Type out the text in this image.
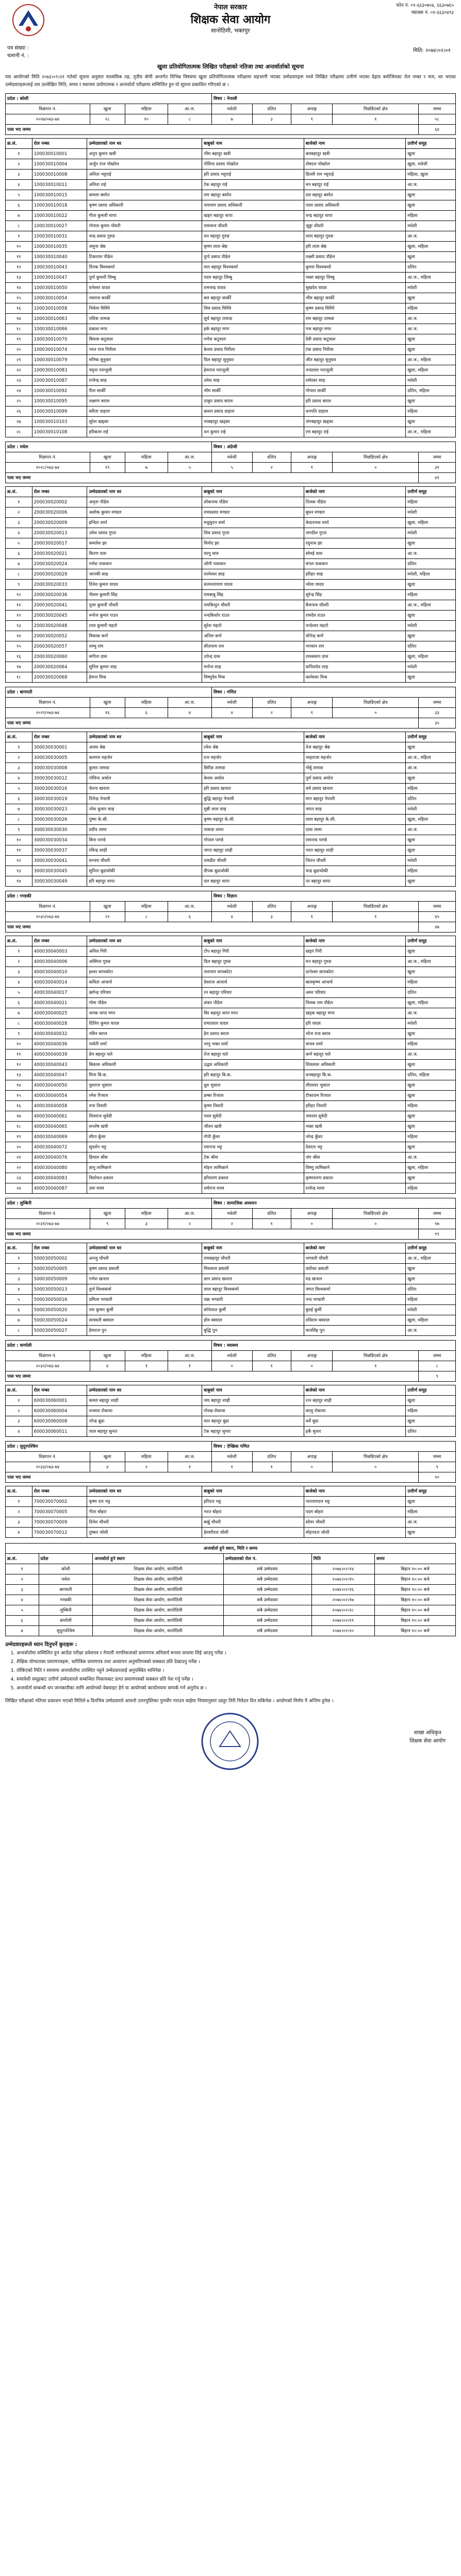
नेपाल सरकार
शिक्षक सेवा आयोग
सानोठिमी, भक्तपुर
फोन नं. ०१-६६३०७५४, ६६३०७६५
फ्याक्स नं. ०१-६६३०४९३
पत्र संख्या :
चलानी नं. :
मिति: २०७४।०२।०१
खुला प्रतियोगितात्मक लिखित परीक्षाको नतिजा तथा अन्तर्वार्ताको सूचना

यस आयोगको मिति २०७३।०९।२१ गतेको सूचना अनुसार माध्यमिक तह, तृतीय श्रेणी अन्तर्गत विभिन्न विषयमा खुला प्रतियोगितात्मक परीक्षामा सहभागी भएका उम्मेदवारहरू मध्ये लिखित परीक्षामा उत्तीर्ण भएका देहाय बमोजिमका रोल नम्बर र नाम, थर भएका उम्मेदवारहरूलाई तल उल्लेखित मिति, समय र स्थानमा प्रयोगात्मक र अन्तर्वार्ता परीक्षामा सम्मिलित हुन यो सूचना प्रकाशित गरिएको छ ।

प्रदेश : कोशी				विषय : नेपाली				
विज्ञापन नं.	खुला	महिला	आ.ज.	मधेशी	दलित	अपाङ्ग	पिछडिएको क्षेत्र	जम्मा
२०२७/०७३-७४	२८	१०	८	७	३	१	१	५८
पास भए जम्मा								६४
क्र.सं.	रोल नम्बर	उम्मेदवारको नाम थर	बाबुको नाम	बाजेको नाम	उत्तीर्ण समूह
१	100030010001	अनुप कुमार खत्री	भीम बहादुर खत्री	बलबहादुर खत्री	खुला
२	100030010004	अर्जुन राज पोखरेल	गोविन्द प्रसाद पोखरेल	शेषदत्त पोखरेल	खुला, मधेशी
३	100030010008	अनिता भट्टराई	हरि प्रसाद भट्टराई	डिल्ली राम भट्टराई	महिला, खुला
४	100030010011	अनिता राई	टेक बहादुर राई	मन बहादुर राई	आ.ज.
५	100030010015	कमला बस्नेत	राम बहादुर बस्नेत	दल बहादुर बस्नेत	खुला
६	100030010018	कृष्ण प्रसाद अधिकारी	नारायण प्रसाद अधिकारी	पदम प्रसाद अधिकारी	खुला
७	100030010022	गीता कुमारी थापा	खड्ग बहादुर थापा	चन्द्र बहादुर थापा	महिला
८	100030010027	गोपाल कुमार चौधरी	रामलाल चौधरी	जुठ्ठा चौधरी	मधेशी
९	100030010031	चन्द्र प्रसाद गुरुङ	धन बहादुर गुरुङ	लाल बहादुर गुरुङ	आ.ज.
१०	100030010035	जमुना श्रेष्ठ	कृष्ण लाल श्रेष्ठ	हरि लाल श्रेष्ठ	खुला, महिला
११	100030010040	टिकाराम पौडेल	दुर्गा प्रसाद पौडेल	लक्ष्मी प्रसाद पौडेल	खुला
१२	100030010043	दिपक विश्वकर्मा	मान बहादुर विश्वकर्मा	कुमार विश्वकर्मा	दलित
१३	100030010047	दुर्गा कुमारी लिम्बु	पदम बहादुर लिम्बु	भक्त बहादुर लिम्बु	आ.ज., महिला
१४	100030010050	धनेश्वर यादव	रामचन्द्र यादव	सुखदेव यादव	मधेशी
१५	100030010054	नवराज कार्की	बल बहादुर कार्की	भीम बहादुर कार्की	खुला
१६	100030010058	निर्मला घिमिरे	शिव प्रसाद घिमिरे	कृष्ण प्रसाद घिमिरे	महिला
१७	100030010063	पवित्रा तामाङ	सुर्य बहादुर तामाङ	राम बहादुर तामाङ	आ.ज.
१८	100030010066	प्रकाश मगर	हर्क बहादुर मगर	गज बहादुर मगर	आ.ज.
१९	100030010070	बिमला कटुवाल	गणेश कटुवाल	देवी प्रसाद कटुवाल	खुला
२०	100030010074	भरत राज निरौला	केशव प्रसाद निरौला	टंक प्रसाद निरौला	खुला
२१	100030010079	मनिषा सुनुवार	दिल बहादुर सुनुवार	जीत बहादुर सुनुवार	आ.ज., महिला
२२	100030010083	यमुना पराजुली	हेमराज पराजुली	नन्दलाल पराजुली	खुला, महिला
२३	100030010087	राजेन्द्र साह	उमेश साह	रामेश्वर साह	मधेशी
२४	100030010092	रीता सार्की	भीम सार्की	गोपाल सार्की	दलित, महिला
२५	100030010095	लक्ष्मण बराल	ठाकुर प्रसाद बराल	हरि प्रसाद बराल	खुला
२६	100030010099	सरिता दाहाल	कमल प्रसाद दाहाल	धनपति दाहाल	महिला
२७	100030010103	सुरेश खड्का	नरबहादुर खड्का	जंगबहादुर खड्का	खुला
२८	100030010108	हरिकला राई	धन कुमार राई	रण बहादुर राई	आ.ज., महिला
प्रदेश : मधेश				विषय : अंग्रेजी				
विज्ञापन नं.	खुला	महिला	आ.ज.	मधेशी	दलित	अपाङ्ग	पिछडिएको क्षेत्र	जम्मा
२०२८/०७३-७४	१९	७	५	५	२	१	०	३९
पास भए जम्मा								४१
क्र.सं.	रोल नम्बर	उम्मेदवारको नाम थर	बाबुको नाम	बाजेको नाम	उत्तीर्ण समूह
१	200030020002	अमृता पौडेल	लोकनाथ पौडेल	तिलक पौडेल	महिला
२	200030020006	अशोक कुमार मण्डल	रामप्रसाद मण्डल	बुधन मण्डल	मधेशी
३	200030020009	इन्दिरा शर्मा	मधुसुदन शर्मा	केदारनाथ शर्मा	खुला, महिला
४	200030020013	उमेश प्रसाद गुप्ता	शिव प्रसाद गुप्ता	जगदीश गुप्ता	मधेशी
५	200030020017	कमलेश झा	विनोद झा	रघुनाथ झा	खुला
६	200030020021	किरण थारु	फागु थारु	सोमई थारु	आ.ज.
७	200030020024	गणेश पासवान	जोगी पासवान	मंगल पासवान	दलित
८	200030020029	जानकी साह	परमेश्वर साह	हरिहर साह	मधेशी, महिला
९	200030020033	दिनेश कुमार यादव	सत्यनारायण यादव	भोला यादव	खुला
१०	200030020036	नीलम कुमारी सिंह	रामबाबु सिंह	सुरेन्द्र सिंह	महिला
११	200030020041	पूजा कुमारी चौधरी	रामकिशुन चौधरी	बैजनाथ चौधरी	आ.ज., महिला
१२	200030020045	मनोज कुमार राउत	नन्दकिशोर राउत	रामदेव राउत	खुला
१३	200030020048	राधा कुमारी महतो	सुरेश महतो	चन्देश्वर महतो	मधेशी
१४	200030020052	विकास कर्ण	अनिल कर्ण	योगेन्द्र कर्ण	खुला
१५	200030020057	शम्भु राम	सीताराम राम	भगवान राम	दलित
१६	200030020060	संगीता दास	उपेन्द्र दास	रामस्वरुप दास	खुला, महिला
१७	200030020064	सुनिल कुमार शाह	मनोज शाह	कपिलदेव शाह	मधेशी
१८	200030020068	हेमन्त मिश्र	विष्णुदेव मिश्र	कामेश्वर मिश्र	खुला
प्रदेश : बागमती				विषय : गणित				
विज्ञापन नं.	खुला	महिला	आ.ज.	मधेशी	दलित	अपाङ्ग	पिछडिएको क्षेत्र	जम्मा
२०२९/०७३-७४	१६	६	४	४	२	१	०	३३
पास भए जम्मा								३५
क्र.सं.	रोल नम्बर	उम्मेदवारको नाम थर	बाबुको नाम	बाजेको नाम	उत्तीर्ण समूह
१	300030030001	अजय श्रेष्ठ	रमेश श्रेष्ठ	तेज बहादुर श्रेष्ठ	खुला
२	300030030005	कल्पना महर्जन	रत्न महर्जन	भाइराजा महर्जन	आ.ज., महिला
३	300030030008	कुमार तामाङ	छिरिङ तामाङ	नोर्बु तामाङ	आ.ज.
४	300030030012	गोविन्द अर्याल	केशव अर्याल	पूर्ण प्रसाद अर्याल	खुला
५	300030030016	चेतना खनाल	हरि प्रसाद खनाल	धर्म प्रसाद खनाल	महिला
६	300030030019	दिपेन्द्र नेपाली	बुद्धि बहादुर नेपाली	मान बहादुर नेपाली	दलित
७	300030030023	नरेश कुमार साह	मुन्नी लाल साह	जगत साह	मधेशी
८	300030030026	पुष्पा के.सी.	कृष्ण बहादुर के.सी.	लाल बहादुर के.सी.	खुला, महिला
९	300030030030	प्रदीप लामा	पासाङ लामा	दावा लामा	आ.ज.
१०	300030030034	बिना पाण्डे	गोपाल पाण्डे	रामनाथ पाण्डे	खुला
११	300030030037	रविन्द्र शाही	जगत बहादुर शाही	भरत बहादुर शाही	खुला
१२	300030030041	सन्जय चौधरी	रामप्रीत चौधरी	जितन चौधरी	मधेशी
१३	300030030045	सुनिता बुढाथोकी	दीपक बुढाथोकी	चन्द्र बुढाथोकी	महिला
१४	300030030049	हरि बहादुर थापा	दल बहादुर थापा	नर बहादुर थापा	खुला
प्रदेश : गण्डकी				विषय : विज्ञान				
विज्ञापन नं.	खुला	महिला	आ.ज.	मधेशी	दलित	अपाङ्ग	पिछडिएको क्षेत्र	जम्मा
२०३०/०७३-७४	२२	८	६	४	३	१	१	४५
पास भए जम्मा								४७
क्र.सं.	रोल नम्बर	उम्मेदवारको नाम थर	बाबुको नाम	बाजेको नाम	उत्तीर्ण समूह
१	400030040003	अनिल गिरी	टोप बहादुर गिरी	खड्ग गिरी	खुला
२	400030040006	अस्मिता गुरुङ	दिल बहादुर गुरुङ	मन बहादुर गुरुङ	आ.ज., महिला
३	400030040010	इश्वर सापकोटा	नारायण सापकोटा	ठानेश्वर सापकोटा	खुला
४	400030040014	कविता आचार्य	देवराज आचार्य	बालकृष्ण आचार्य	महिला
५	400030040017	खगेन्द्र परियार	रन बहादुर परियार	अमर परियार	दलित
६	400030040021	गोमा पौडेल	शंकर पौडेल	तिलक राम पौडेल	खुला, महिला
७	400030040025	जनक थापा मगर	बिर बहादुर थापा मगर	खड्क बहादुर मगर	आ.ज.
८	400030040028	दिलिप कुमार यादव	रामदयाल यादव	हरि यादव	मधेशी
९	400030040032	नविन बराल	हेम प्रसाद बराल	भोज राज बराल	खुला
१०	400030040036	पार्वती शर्मा	भानु भक्त शर्मा	माधव शर्मा	महिला
११	400030040039	प्रेम बहादुर घले	तेज बहादुर घले	कर्ण बहादुर घले	आ.ज.
१२	400030040043	बिकास अधिकारी	उद्धव अधिकारी	शिवलाल अधिकारी	खुला
१३	400030040047	मिना बि.क.	हरि बहादुर बि.क.	धनबहादुर बि.क.	दलित, महिला
१४	400030040050	युवराज भुसाल	ध्रुव भुसाल	लीलाधर भुसाल	खुला
१५	400030040054	रमेश रिजाल	डम्बर रिजाल	टीकाराम रिजाल	खुला
१६	400030040058	रुपा तिवारी	कृष्ण तिवारी	हरिहर तिवारी	महिला
१७	400030040061	शिवराज सुवेदी	पदम सुवेदी	जयराम सुवेदी	खुला
१८	400030040065	सन्तोष खत्री	जीवन खत्री	भक्त खत्री	खुला
१९	400030040069	सीता कुँवर	गोपी कुँवर	नरेन्द्र कुँवर	महिला
२०	400030040072	सुदर्शन भट्ट	रमानन्द भट्ट	देवदत्त भट्ट	खुला
२१	400030040076	हिमाल श्रीस	टेक श्रीस	जंग श्रीस	आ.ज.
२२	400030040080	ज्ञानु लामिछाने	मोहन लामिछाने	विष्णु लामिछाने	खुला, महिला
२३	400030040083	त्रिलोचन ढकाल	हरिशरण ढकाल	कृष्णशरण ढकाल	खुला
२४	400030040087	उमा मल्ल	धर्मराज मल्ल	राजेन्द्र मल्ल	महिला
प्रदेश : लुम्बिनी				विषय : सामाजिक अध्ययन				
विज्ञापन नं.	खुला	महिला	आ.ज.	मधेशी	दलित	अपाङ्ग	पिछडिएको क्षेत्र	जम्मा
२०३१/०७३-७४	९	३	२	२	१	०	०	१७
पास भए जम्मा								१९
क्र.सं.	रोल नम्बर	उम्मेदवारको नाम थर	बाबुको नाम	बाजेको नाम	उत्तीर्ण समूह
१	500030050002	अञ्जु चौधरी	रामबहादुर चौधरी	भगवती चौधरी	आ.ज., महिला
२	500030050005	कृष्ण प्रसाद ज्ञवाली	मित्रलाल ज्ञवाली	वंशीधर ज्ञवाली	खुला
३	500030050009	गणेश खनाल	ज्ञान प्रसाद खनाल	रुद्र खनाल	खुला
४	500030050013	दुर्गा विश्वकर्मा	लाल बहादुर विश्वकर्मा	जगत विश्वकर्मा	दलित
५	500030050016	प्रमिला भण्डारी	चक्र भण्डारी	नन्द भण्डारी	महिला
६	500030050020	राम कुमार कुर्मी	सोनेलाल कुर्मी	बुधई कुर्मी	मधेशी
७	500030050024	सरस्वती बस्याल	होम बस्याल	दधिराम बस्याल	खुला, महिला
८	500030050027	हेमराज पुन	बुद्धि पुन	मानसिंह पुन	आ.ज.
प्रदेश : कर्णाली				विषय : स्वास्थ्य				
विज्ञापन नं.	खुला	महिला	आ.ज.	मधेशी	दलित	अपाङ्ग	पिछडिएको क्षेत्र	जम्मा
२०३२/०७३-७४	४	१	१	०	१	०	१	८
पास भए जम्मा								९
क्र.सं.	रोल नम्बर	उम्मेदवारको नाम थर	बाबुको नाम	बाजेको नाम	उत्तीर्ण समूह
१	600030060001	कमल बहादुर शाही	जय बहादुर शाही	रत्न बहादुर शाही	खुला
२	600030060004	धनसरा रोकाया	गोरख रोकाया	कालु रोकाया	महिला
३	600030060008	नरेन्द्र बुढा	मान बहादुर बुढा	धर्मे बुढा	खुला
४	600030060011	लाल बहादुर सुनार	टेक बहादुर सुनार	हर्के सुनार	दलित
प्रदेश : सुदूरपश्चिम				विषय : ऐच्छिक गणित				
विज्ञापन नं.	खुला	महिला	आ.ज.	मधेशी	दलित	अपाङ्ग	पिछडिएको क्षेत्र	जम्मा
२०३३/०७३-७४	४	२	१	१	१	०	०	९
पास भए जम्मा								१०
क्र.सं.	रोल नम्बर	उम्मेदवारको नाम थर	बाबुको नाम	बाजेको नाम	उत्तीर्ण समूह
१	700030070002	कृष्ण दत्त भट्ट	हरिदत्त भट्ट	नारायणदत्त भट्ट	खुला
२	700030070005	गीता बोहरा	भरत बोहरा	पदम बोहरा	महिला
३	700030070009	दिनेश चौधरी	बर्खु चौधरी	सोमर चौधरी	आ.ज.
४	700030070012	पुष्कर जोशी	ईश्वरीदत्त जोशी	मोहनदत्त जोशी	खुला
अन्तर्वार्ता हुने स्थान, मिति र समय					
क्र.सं.	प्रदेश	अन्तर्वार्ता हुने स्थान	उम्मेदवारको रोल नं.	मिति	समय
१	कोशी	शिक्षक सेवा आयोग, सानोठिमी	सबै उम्मेदवार	२०७४।०२।१४	बिहान १०:०० बजे
२	मधेश	शिक्षक सेवा आयोग, सानोठिमी	सबै उम्मेदवार	२०७४।०२।१५	बिहान १०:०० बजे
३	बागमती	शिक्षक सेवा आयोग, सानोठिमी	सबै उम्मेदवार	२०७४।०२।१६	बिहान १०:०० बजे
४	गण्डकी	शिक्षक सेवा आयोग, सानोठिमी	सबै उम्मेदवार	२०७४।०२।१७	बिहान १०:०० बजे
५	लुम्बिनी	शिक्षक सेवा आयोग, सानोठिमी	सबै उम्मेदवार	२०७४।०२।१८	बिहान १०:०० बजे
६	कर्णाली	शिक्षक सेवा आयोग, सानोठिमी	सबै उम्मेदवार	२०७४।०२।१९	बिहान १०:०० बजे
७	सुदूरपश्चिम	शिक्षक सेवा आयोग, सानोठिमी	सबै उम्मेदवार	२०७४।०२।२०	बिहान १०:०० बजे
उम्मेदवारहरूले ध्यान दिनुपर्ने कुराहरू :
1. अन्तर्वार्तामा सम्मिलित हुन आउँदा परीक्षा प्रवेशपत्र र नेपाली नागरिकताको प्रमाणपत्र अनिवार्य रूपमा साथमा लिई आउनु पर्नेछ ।
2. शैक्षिक योग्यताका प्रमाणपत्रहरू, चारित्रिक प्रमाणपत्र तथा अध्यापन अनुमतिपत्रको सक्कल प्रति देखाउनु पर्नेछ ।
3. तोकिएको मिति र समयमा अन्तर्वार्तामा उपस्थित नहुने उम्मेदवारलाई अनुपस्थित मानिनेछ ।
4. समावेशी समूहबाट उत्तीर्ण उम्मेदवारले सम्बन्धित निकायबाट प्राप्त प्रमाणपत्रको सक्कल प्रति पेश गर्नु पर्नेछ ।
5. अन्तर्वार्ता सम्बन्धी थप जानकारीका लागि आयोगको वेबसाइट हेर्न वा आयोगको कार्यालयमा सम्पर्क गर्न अनुरोध छ ।
लिखित परीक्षाको नतिजा प्रकाशन भएको मितिले ७ दिनभित्र उम्मेदवारले आफ्नो उत्तरपुस्तिका पुनर्योग गराउन चाहेमा नियमानुसार दस्तुर तिरी निवेदन दिन सकिनेछ । आयोगको निर्णय नै अन्तिम हुनेछ ।
शाखा अधिकृत
शिक्षक सेवा आयोग
